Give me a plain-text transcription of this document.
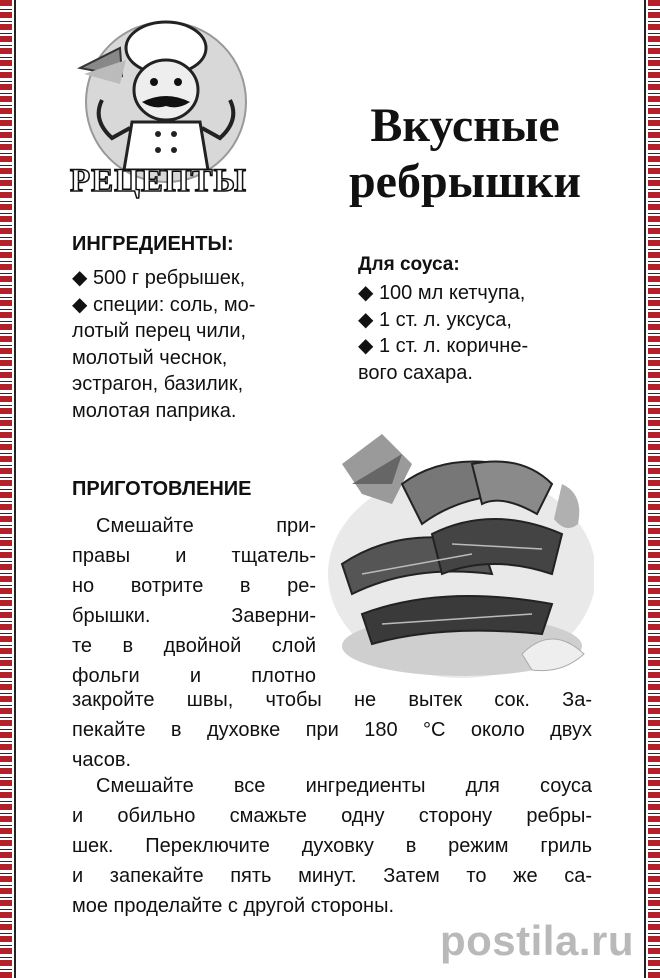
РЕЦЕПТЫ
Вкусные
ребрышки
ИНГРЕДИЕНТЫ:
◆ 500 г ребрышек,
◆ специи: соль, мо-
лотый перец чили,
молотый чеснок,
эстрагон, базилик,
молотая паприка.
Для соуса:
◆ 100 мл кетчупа,
◆ 1 ст. л. уксуса,
◆ 1 ст. л. коричне-
вого сахара.
ПРИГОТОВЛЕНИЕ
Смешайте при-
правы и тщатель-
но вотрите в ре-
брышки. Заверни-
те в двойной слой
фольги и плотно
закройте швы, чтобы не вытек сок. За-
пекайте в духовке при 180 °С около двух
часов.
Смешайте все ингредиенты для соуса
и обильно смажьте одну сторону ребры-
шек. Переключите духовку в режим гриль
и запекайте пять минут. Затем то же са-
мое проделайте с другой стороны.
postila.ru
